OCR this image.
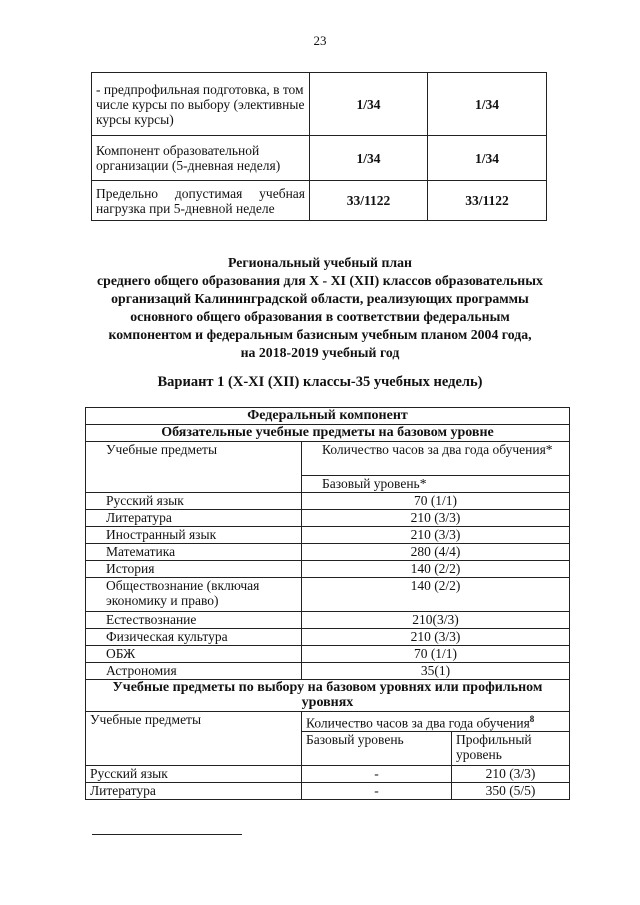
23
- предпрофильная подготовка, в том числе курсы по выбору (элективные курсы курсы)	1/34	1/34
Компонент образовательной организации (5-дневная неделя)	1/34	1/34

Предельно допустимая учебная
нагрузка при 5-дневной неделе	33/1122	33/1122
Региональный учебный план
среднего общего образования для X - XI (XII) классов образовательных
организаций Калининградской области, реализующих программы
основного общего образования в соответствии федеральным
компонентом и федеральным базисным учебным планом 2004 года,
на 2018-2019 учебный год
Вариант 1 (X-XI (XII) классы-35 учебных недель)
Федеральный компонент		
Обязательные учебные предметы на базовом уровне		
Учебные предметы	Количество часов за два года обучения*	
	Базовый уровень*	
Русский язык	70 (1/1)	
Литература	210 (3/3)	
Иностранный язык	210 (3/3)	
Математика	280 (4/4)	
История	140 (2/2)	
Обществознание (включая экономику и право)	140 (2/2)	
Естествознание	210(3/3)	
Физическая культура	210 (3/3)	
ОБЖ	70 (1/1)	
Астрономия	35(1)	
Учебные предметы по выбору на базовом уровнях или профильном уровнях		
Учебные предметы	Количество часов за два года обучения$^8$
	Базовый уровень	Профильный уровень
Русский язык	-	210 (3/3)
Литература	-	350 (5/5)
